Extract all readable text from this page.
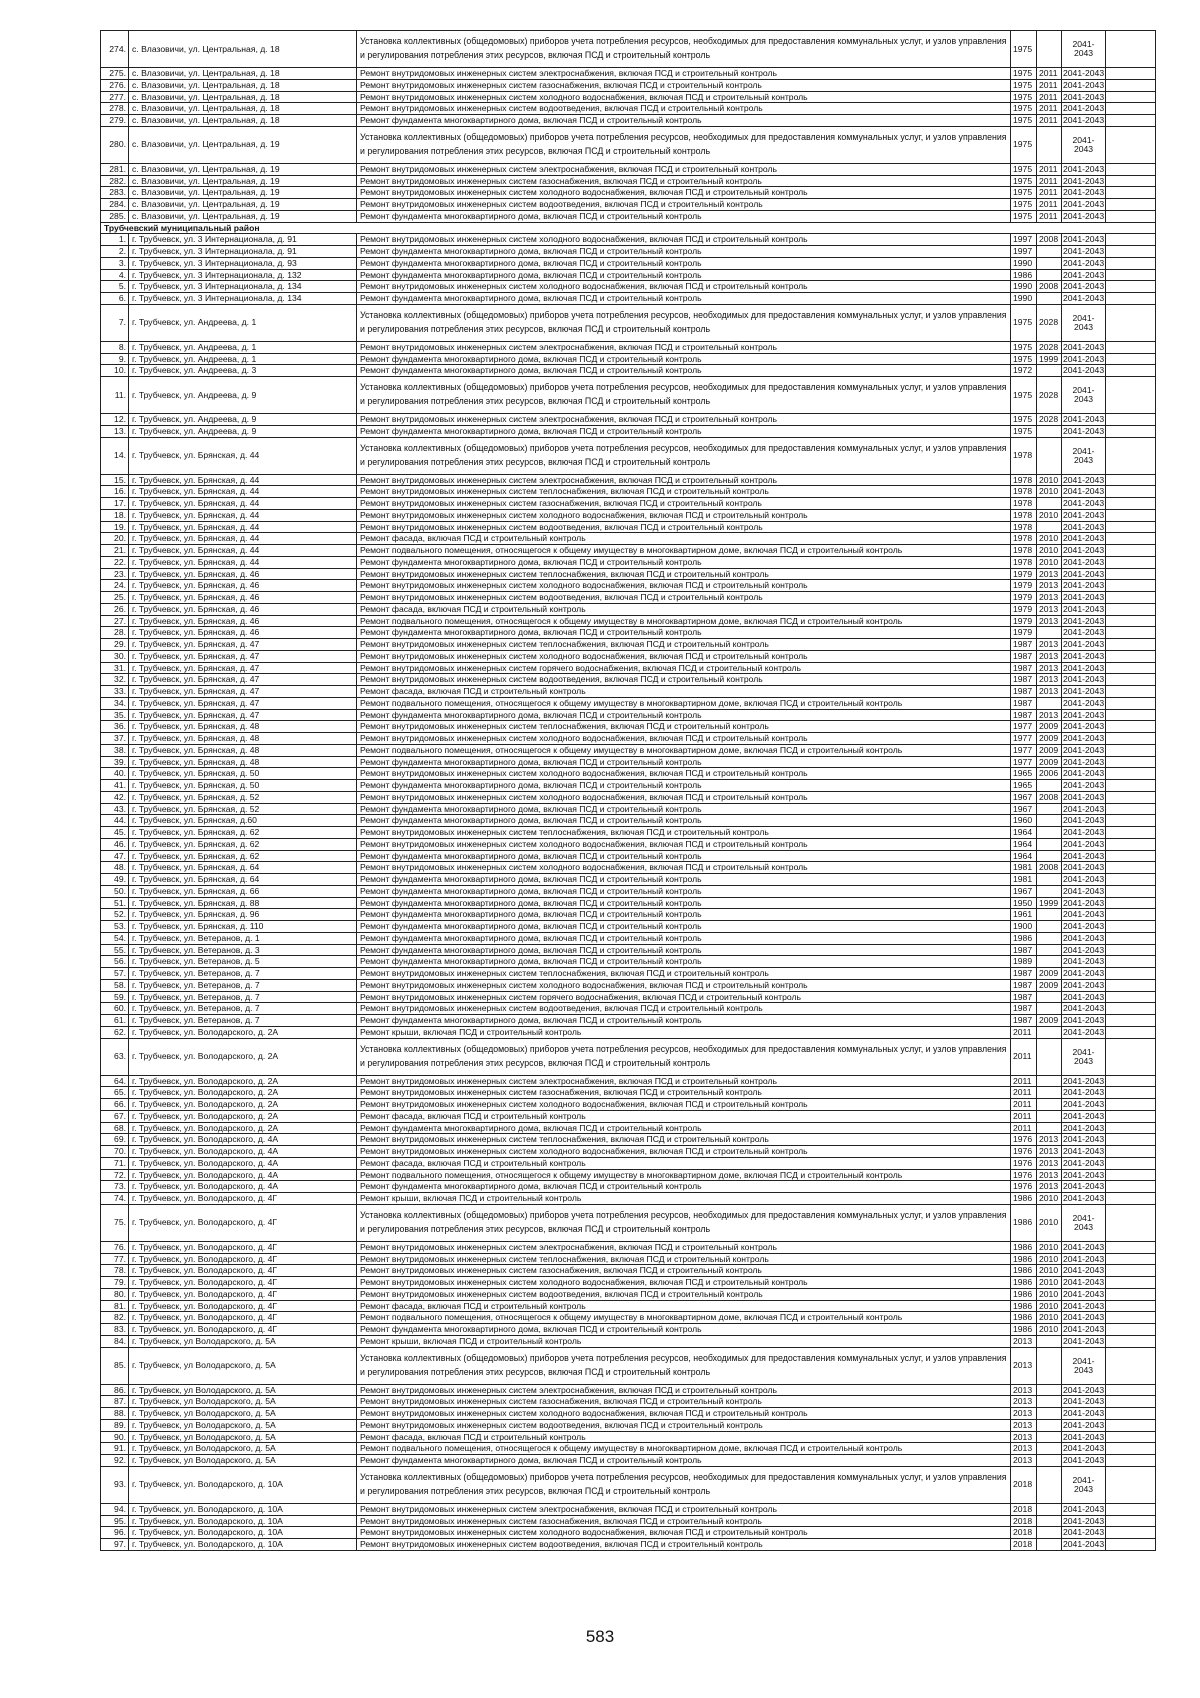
274.	с. Влазовичи, ул. Центральная, д. 18	Установка коллективных (общедомовых) приборов учета потребления ресурсов, необходимых для предоставления коммунальных услуг, и узлов управления и регулирования потребления этих ресурсов, включая ПСД и строительный контроль	1975		2041-2043	
275.	с. Влазовичи, ул. Центральная, д. 18	Ремонт внутридомовых инженерных систем электроснабжения, включая ПСД и строительный контроль	1975	2011	2041-2043	
276.	с. Влазовичи, ул. Центральная, д. 18	Ремонт внутридомовых инженерных систем газоснабжения, включая ПСД и строительный контроль	1975	2011	2041-2043	
277.	с. Влазовичи, ул. Центральная, д. 18	Ремонт внутридомовых инженерных систем холодного водоснабжения, включая ПСД и строительный контроль	1975	2011	2041-2043	
278.	с. Влазовичи, ул. Центральная, д. 18	Ремонт внутридомовых инженерных систем водоотведения, включая ПСД и строительный контроль	1975	2011	2041-2043	
279.	с. Влазовичи, ул. Центральная, д. 18	Ремонт фундамента многоквартирного дома, включая ПСД и строительный контроль	1975	2011	2041-2043	
280.	с. Влазовичи, ул. Центральная, д. 19	Установка коллективных (общедомовых) приборов учета потребления ресурсов, необходимых для предоставления коммунальных услуг, и узлов управления и регулирования потребления этих ресурсов, включая ПСД и строительный контроль	1975		2041-2043	
281.	с. Влазовичи, ул. Центральная, д. 19	Ремонт внутридомовых инженерных систем электроснабжения, включая ПСД и строительный контроль	1975	2011	2041-2043	
282.	с. Влазовичи, ул. Центральная, д. 19	Ремонт внутридомовых инженерных систем газоснабжения, включая ПСД и строительный контроль	1975	2011	2041-2043	
283.	с. Влазовичи, ул. Центральная, д. 19	Ремонт внутридомовых инженерных систем холодного водоснабжения, включая ПСД и строительный контроль	1975	2011	2041-2043	
284.	с. Влазовичи, ул. Центральная, д. 19	Ремонт внутридомовых инженерных систем водоотведения, включая ПСД и строительный контроль	1975	2011	2041-2043	
285.	с. Влазовичи, ул. Центральная, д. 19	Ремонт фундамента многоквартирного дома, включая ПСД и строительный контроль	1975	2011	2041-2043	
Трубчевский муниципальный район						
1.	г. Трубчевск, ул. 3 Интернационала, д. 91	Ремонт внутридомовых инженерных систем холодного водоснабжения, включая ПСД и строительный контроль	1997	2008	2041-2043	
2.	г. Трубчевск, ул. 3 Интернационала, д. 91	Ремонт фундамента многоквартирного дома, включая ПСД и строительный контроль	1997		2041-2043	
3.	г. Трубчевск, ул. 3 Интернационала, д. 93	Ремонт фундамента многоквартирного дома, включая ПСД и строительный контроль	1990		2041-2043	
4.	г. Трубчевск, ул. 3 Интернационала, д. 132	Ремонт фундамента многоквартирного дома, включая ПСД и строительный контроль	1986		2041-2043	
5.	г. Трубчевск, ул. 3 Интернационала, д. 134	Ремонт внутридомовых инженерных систем холодного водоснабжения, включая ПСД и строительный контроль	1990	2008	2041-2043	
6.	г. Трубчевск, ул. 3 Интернационала, д. 134	Ремонт фундамента многоквартирного дома, включая ПСД и строительный контроль	1990		2041-2043	
7.	г. Трубчевск, ул. Андреева, д. 1	Установка коллективных (общедомовых) приборов учета потребления ресурсов, необходимых для предоставления коммунальных услуг, и узлов управления и регулирования потребления этих ресурсов, включая ПСД и строительный контроль	1975	2028	2041-2043	
8.	г. Трубчевск, ул. Андреева, д. 1	Ремонт внутридомовых инженерных систем электроснабжения, включая ПСД и строительный контроль	1975	2028	2041-2043	
9.	г. Трубчевск, ул. Андреева, д. 1	Ремонт фундамента многоквартирного дома, включая ПСД и строительный контроль	1975	1999	2041-2043	
10.	г. Трубчевск, ул. Андреева, д. 3	Ремонт фундамента многоквартирного дома, включая ПСД и строительный контроль	1972		2041-2043	
11.	г. Трубчевск, ул. Андреева, д. 9	Установка коллективных (общедомовых) приборов учета потребления ресурсов, необходимых для предоставления коммунальных услуг, и узлов управления и регулирования потребления этих ресурсов, включая ПСД и строительный контроль	1975	2028	2041-2043	
12.	г. Трубчевск, ул. Андреева, д. 9	Ремонт внутридомовых инженерных систем электроснабжения, включая ПСД и строительный контроль	1975	2028	2041-2043	
13.	г. Трубчевск, ул. Андреева, д. 9	Ремонт фундамента многоквартирного дома, включая ПСД и строительный контроль	1975		2041-2043	
14.	г. Трубчевск, ул. Брянская, д. 44	Установка коллективных (общедомовых) приборов учета потребления ресурсов, необходимых для предоставления коммунальных услуг, и узлов управления и регулирования потребления этих ресурсов, включая ПСД и строительный контроль	1978		2041-2043	
15.	г. Трубчевск, ул. Брянская, д. 44	Ремонт внутридомовых инженерных систем электроснабжения, включая ПСД и строительный контроль	1978	2010	2041-2043	
16.	г. Трубчевск, ул. Брянская, д. 44	Ремонт внутридомовых инженерных систем теплоснабжения, включая ПСД и строительный контроль	1978	2010	2041-2043	
17.	г. Трубчевск, ул. Брянская, д. 44	Ремонт внутридомовых инженерных систем газоснабжения, включая ПСД и строительный контроль	1978		2041-2043	
18.	г. Трубчевск, ул. Брянская, д. 44	Ремонт внутридомовых инженерных систем холодного водоснабжения, включая ПСД и строительный контроль	1978	2010	2041-2043	
19.	г. Трубчевск, ул. Брянская, д. 44	Ремонт внутридомовых инженерных систем водоотведения, включая ПСД и строительный контроль	1978		2041-2043	
20.	г. Трубчевск, ул. Брянская, д. 44	Ремонт фасада, включая ПСД и строительный контроль	1978	2010	2041-2043	
21.	г. Трубчевск, ул. Брянская, д. 44	Ремонт подвального помещения, относящегося к общему имуществу в многоквартирном доме, включая ПСД и строительный контроль	1978	2010	2041-2043	
22.	г. Трубчевск, ул. Брянская, д. 44	Ремонт фундамента многоквартирного дома, включая ПСД и строительный контроль	1978	2010	2041-2043	
23.	г. Трубчевск, ул. Брянская, д. 46	Ремонт внутридомовых инженерных систем теплоснабжения, включая ПСД и строительный контроль	1979	2013	2041-2043	
24.	г. Трубчевск, ул. Брянская, д. 46	Ремонт внутридомовых инженерных систем холодного водоснабжения, включая ПСД и строительный контроль	1979	2013	2041-2043	
25.	г. Трубчевск, ул. Брянская, д. 46	Ремонт внутридомовых инженерных систем водоотведения, включая ПСД и строительный контроль	1979	2013	2041-2043	
26.	г. Трубчевск, ул. Брянская, д. 46	Ремонт фасада, включая ПСД и строительный контроль	1979	2013	2041-2043	
27.	г. Трубчевск, ул. Брянская, д. 46	Ремонт подвального помещения, относящегося к общему имуществу в многоквартирном доме, включая ПСД и строительный контроль	1979	2013	2041-2043	
28.	г. Трубчевск, ул. Брянская, д. 46	Ремонт фундамента многоквартирного дома, включая ПСД и строительный контроль	1979		2041-2043	
29.	г. Трубчевск, ул. Брянская, д. 47	Ремонт внутридомовых инженерных систем теплоснабжения, включая ПСД и строительный контроль	1987	2013	2041-2043	
30.	г. Трубчевск, ул. Брянская, д. 47	Ремонт внутридомовых инженерных систем холодного водоснабжения, включая ПСД и строительный контроль	1987	2013	2041-2043	
31.	г. Трубчевск, ул. Брянская, д. 47	Ремонт внутридомовых инженерных систем горячего водоснабжения, включая ПСД и строительный контроль	1987	2013	2041-2043	
32.	г. Трубчевск, ул. Брянская, д. 47	Ремонт внутридомовых инженерных систем водоотведения, включая ПСД и строительный контроль	1987	2013	2041-2043	
33.	г. Трубчевск, ул. Брянская, д. 47	Ремонт фасада, включая ПСД и строительный контроль	1987	2013	2041-2043	
34.	г. Трубчевск, ул. Брянская, д. 47	Ремонт подвального помещения, относящегося к общему имуществу в многоквартирном доме, включая ПСД и строительный контроль	1987		2041-2043	
35.	г. Трубчевск, ул. Брянская, д. 47	Ремонт фундамента многоквартирного дома, включая ПСД и строительный контроль	1987	2013	2041-2043	
36.	г. Трубчевск, ул. Брянская, д. 48	Ремонт внутридомовых инженерных систем теплоснабжения, включая ПСД и строительный контроль	1977	2009	2041-2043	
37.	г. Трубчевск, ул. Брянская, д. 48	Ремонт внутридомовых инженерных систем холодного водоснабжения, включая ПСД и строительный контроль	1977	2009	2041-2043	
38.	г. Трубчевск, ул. Брянская, д. 48	Ремонт подвального помещения, относящегося к общему имуществу в многоквартирном доме, включая ПСД и строительный контроль	1977	2009	2041-2043	
39.	г. Трубчевск, ул. Брянская, д. 48	Ремонт фундамента многоквартирного дома, включая ПСД и строительный контроль	1977	2009	2041-2043	
40.	г. Трубчевск, ул. Брянская, д. 50	Ремонт внутридомовых инженерных систем холодного водоснабжения, включая ПСД и строительный контроль	1965	2006	2041-2043	
41.	г. Трубчевск, ул. Брянская, д. 50	Ремонт фундамента многоквартирного дома, включая ПСД и строительный контроль	1965		2041-2043	
42.	г. Трубчевск, ул. Брянская, д. 52	Ремонт внутридомовых инженерных систем холодного водоснабжения, включая ПСД и строительный контроль	1967	2008	2041-2043	
43.	г. Трубчевск, ул. Брянская, д. 52	Ремонт фундамента многоквартирного дома, включая ПСД и строительный контроль	1967		2041-2043	
44.	г. Трубчевск, ул. Брянская, д.60	Ремонт фундамента многоквартирного дома, включая ПСД и строительный контроль	1960		2041-2043	
45.	г. Трубчевск, ул. Брянская, д. 62	Ремонт внутридомовых инженерных систем теплоснабжения, включая ПСД и строительный контроль	1964		2041-2043	
46.	г. Трубчевск, ул. Брянская, д. 62	Ремонт внутридомовых инженерных систем холодного водоснабжения, включая ПСД и строительный контроль	1964		2041-2043	
47.	г. Трубчевск, ул. Брянская, д. 62	Ремонт фундамента многоквартирного дома, включая ПСД и строительный контроль	1964		2041-2043	
48.	г. Трубчевск, ул. Брянская, д. 64	Ремонт внутридомовых инженерных систем холодного водоснабжения, включая ПСД и строительный контроль	1981	2008	2041-2043	
49.	г. Трубчевск, ул. Брянская, д. 64	Ремонт фундамента многоквартирного дома, включая ПСД и строительный контроль	1981		2041-2043	
50.	г. Трубчевск, ул. Брянская, д. 66	Ремонт фундамента многоквартирного дома, включая ПСД и строительный контроль	1967		2041-2043	
51.	г. Трубчевск, ул. Брянская, д. 88	Ремонт фундамента многоквартирного дома, включая ПСД и строительный контроль	1950	1999	2041-2043	
52.	г. Трубчевск, ул. Брянская, д. 96	Ремонт фундамента многоквартирного дома, включая ПСД и строительный контроль	1961		2041-2043	
53.	г. Трубчевск, ул. Брянская, д. 110	Ремонт фундамента многоквартирного дома, включая ПСД и строительный контроль	1900		2041-2043	
54.	г. Трубчевск, ул. Ветеранов, д. 1	Ремонт фундамента многоквартирного дома, включая ПСД и строительный контроль	1986		2041-2043	
55.	г. Трубчевск, ул. Ветеранов, д. 3	Ремонт фундамента многоквартирного дома, включая ПСД и строительный контроль	1987		2041-2043	
56.	г. Трубчевск, ул. Ветеранов, д. 5	Ремонт фундамента многоквартирного дома, включая ПСД и строительный контроль	1989		2041-2043	
57.	г. Трубчевск, ул. Ветеранов, д. 7	Ремонт внутридомовых инженерных систем теплоснабжения, включая ПСД и строительный контроль	1987	2009	2041-2043	
58.	г. Трубчевск, ул. Ветеранов, д. 7	Ремонт внутридомовых инженерных систем холодного водоснабжения, включая ПСД и строительный контроль	1987	2009	2041-2043	
59.	г. Трубчевск, ул. Ветеранов, д. 7	Ремонт внутридомовых инженерных систем горячего водоснабжения, включая ПСД и строительный контроль	1987		2041-2043	
60.	г. Трубчевск, ул. Ветеранов, д. 7	Ремонт внутридомовых инженерных систем водоотведения, включая ПСД и строительный контроль	1987		2041-2043	
61.	г. Трубчевск, ул. Ветеранов, д. 7	Ремонт фундамента многоквартирного дома, включая ПСД и строительный контроль	1987	2009	2041-2043	
62.	г. Трубчевск, ул. Володарского, д. 2А	Ремонт крыши, включая ПСД и строительный контроль	2011		2041-2043	
63.	г. Трубчевск, ул. Володарского, д. 2А	Установка коллективных (общедомовых) приборов учета потребления ресурсов, необходимых для предоставления коммунальных услуг, и узлов управления и регулирования потребления этих ресурсов, включая ПСД и строительный контроль	2011		2041-2043	
64.	г. Трубчевск, ул. Володарского, д. 2А	Ремонт внутридомовых инженерных систем электроснабжения, включая ПСД и строительный контроль	2011		2041-2043	
65.	г. Трубчевск, ул. Володарского, д. 2А	Ремонт внутридомовых инженерных систем газоснабжения, включая ПСД и строительный контроль	2011		2041-2043	
66.	г. Трубчевск, ул. Володарского, д. 2А	Ремонт внутридомовых инженерных систем холодного водоснабжения, включая ПСД и строительный контроль	2011		2041-2043	
67.	г. Трубчевск, ул. Володарского, д. 2А	Ремонт фасада, включая ПСД и строительный контроль	2011		2041-2043	
68.	г. Трубчевск, ул. Володарского, д. 2А	Ремонт фундамента многоквартирного дома, включая ПСД и строительный контроль	2011		2041-2043	
69.	г. Трубчевск, ул. Володарского, д. 4А	Ремонт внутридомовых инженерных систем теплоснабжения, включая ПСД и строительный контроль	1976	2013	2041-2043	
70.	г. Трубчевск, ул. Володарского, д. 4А	Ремонт внутридомовых инженерных систем холодного водоснабжения, включая ПСД и строительный контроль	1976	2013	2041-2043	
71.	г. Трубчевск, ул. Володарского, д. 4А	Ремонт фасада, включая ПСД и строительный контроль	1976	2013	2041-2043	
72.	г. Трубчевск, ул. Володарского, д. 4А	Ремонт подвального помещения, относящегося к общему имуществу в многоквартирном доме, включая ПСД и строительный контроль	1976	2013	2041-2043	
73.	г. Трубчевск, ул. Володарского, д. 4А	Ремонт фундамента многоквартирного дома, включая ПСД и строительный контроль	1976	2013	2041-2043	
74.	г. Трубчевск, ул. Володарского, д. 4Г	Ремонт крыши, включая ПСД и строительный контроль	1986	2010	2041-2043	
75.	г. Трубчевск, ул. Володарского, д. 4Г	Установка коллективных (общедомовых) приборов учета потребления ресурсов, необходимых для предоставления коммунальных услуг, и узлов управления и регулирования потребления этих ресурсов, включая ПСД и строительный контроль	1986	2010	2041-2043	
76.	г. Трубчевск, ул. Володарского, д. 4Г	Ремонт внутридомовых инженерных систем электроснабжения, включая ПСД и строительный контроль	1986	2010	2041-2043	
77.	г. Трубчевск, ул. Володарского, д. 4Г	Ремонт внутридомовых инженерных систем теплоснабжения, включая ПСД и строительный контроль	1986	2010	2041-2043	
78.	г. Трубчевск, ул. Володарского, д. 4Г	Ремонт внутридомовых инженерных систем газоснабжения, включая ПСД и строительный контроль	1986	2010	2041-2043	
79.	г. Трубчевск, ул. Володарского, д. 4Г	Ремонт внутридомовых инженерных систем холодного водоснабжения, включая ПСД и строительный контроль	1986	2010	2041-2043	
80.	г. Трубчевск, ул. Володарского, д. 4Г	Ремонт внутридомовых инженерных систем водоотведения, включая ПСД и строительный контроль	1986	2010	2041-2043	
81.	г. Трубчевск, ул. Володарского, д. 4Г	Ремонт фасада, включая ПСД и строительный контроль	1986	2010	2041-2043	
82.	г. Трубчевск, ул. Володарского, д. 4Г	Ремонт подвального помещения, относящегося к общему имуществу в многоквартирном доме, включая ПСД и строительный контроль	1986	2010	2041-2043	
83.	г. Трубчевск, ул. Володарского, д. 4Г	Ремонт фундамента многоквартирного дома, включая ПСД и строительный контроль	1986	2010	2041-2043	
84.	г. Трубчевск, ул Володарского, д. 5А	Ремонт крыши, включая ПСД и строительный контроль	2013		2041-2043	
85.	г. Трубчевск, ул Володарского, д. 5А	Установка коллективных (общедомовых) приборов учета потребления ресурсов, необходимых для предоставления коммунальных услуг, и узлов управления и регулирования потребления этих ресурсов, включая ПСД и строительный контроль	2013		2041-2043	
86.	г. Трубчевск, ул Володарского, д. 5А	Ремонт внутридомовых инженерных систем электроснабжения, включая ПСД и строительный контроль	2013		2041-2043	
87.	г. Трубчевск, ул Володарского, д. 5А	Ремонт внутридомовых инженерных систем газоснабжения, включая ПСД и строительный контроль	2013		2041-2043	
88.	г. Трубчевск, ул Володарского, д. 5А	Ремонт внутридомовых инженерных систем холодного водоснабжения, включая ПСД и строительный контроль	2013		2041-2043	
89.	г. Трубчевск, ул Володарского, д. 5А	Ремонт внутридомовых инженерных систем водоотведения, включая ПСД и строительный контроль	2013		2041-2043	
90.	г. Трубчевск, ул Володарского, д. 5А	Ремонт фасада, включая ПСД и строительный контроль	2013		2041-2043	
91.	г. Трубчевск, ул Володарского, д. 5А	Ремонт подвального помещения, относящегося к общему имуществу в многоквартирном доме, включая ПСД и строительный контроль	2013		2041-2043	
92.	г. Трубчевск, ул Володарского, д. 5А	Ремонт фундамента многоквартирного дома, включая ПСД и строительный контроль	2013		2041-2043	
93.	г. Трубчевск, ул. Володарского, д. 10А	Установка коллективных (общедомовых) приборов учета потребления ресурсов, необходимых для предоставления коммунальных услуг, и узлов управления и регулирования потребления этих ресурсов, включая ПСД и строительный контроль	2018		2041-2043	
94.	г. Трубчевск, ул. Володарского, д. 10А	Ремонт внутридомовых инженерных систем электроснабжения, включая ПСД и строительный контроль	2018		2041-2043	
95.	г. Трубчевск, ул. Володарского, д. 10А	Ремонт внутридомовых инженерных систем газоснабжения, включая ПСД и строительный контроль	2018		2041-2043	
96.	г. Трубчевск, ул. Володарского, д. 10А	Ремонт внутридомовых инженерных систем холодного водоснабжения, включая ПСД и строительный контроль	2018		2041-2043	
97.	г. Трубчевск, ул. Володарского, д. 10А	Ремонт внутридомовых инженерных систем водоотведения, включая ПСД и строительный контроль	2018		2041-2043	
583
